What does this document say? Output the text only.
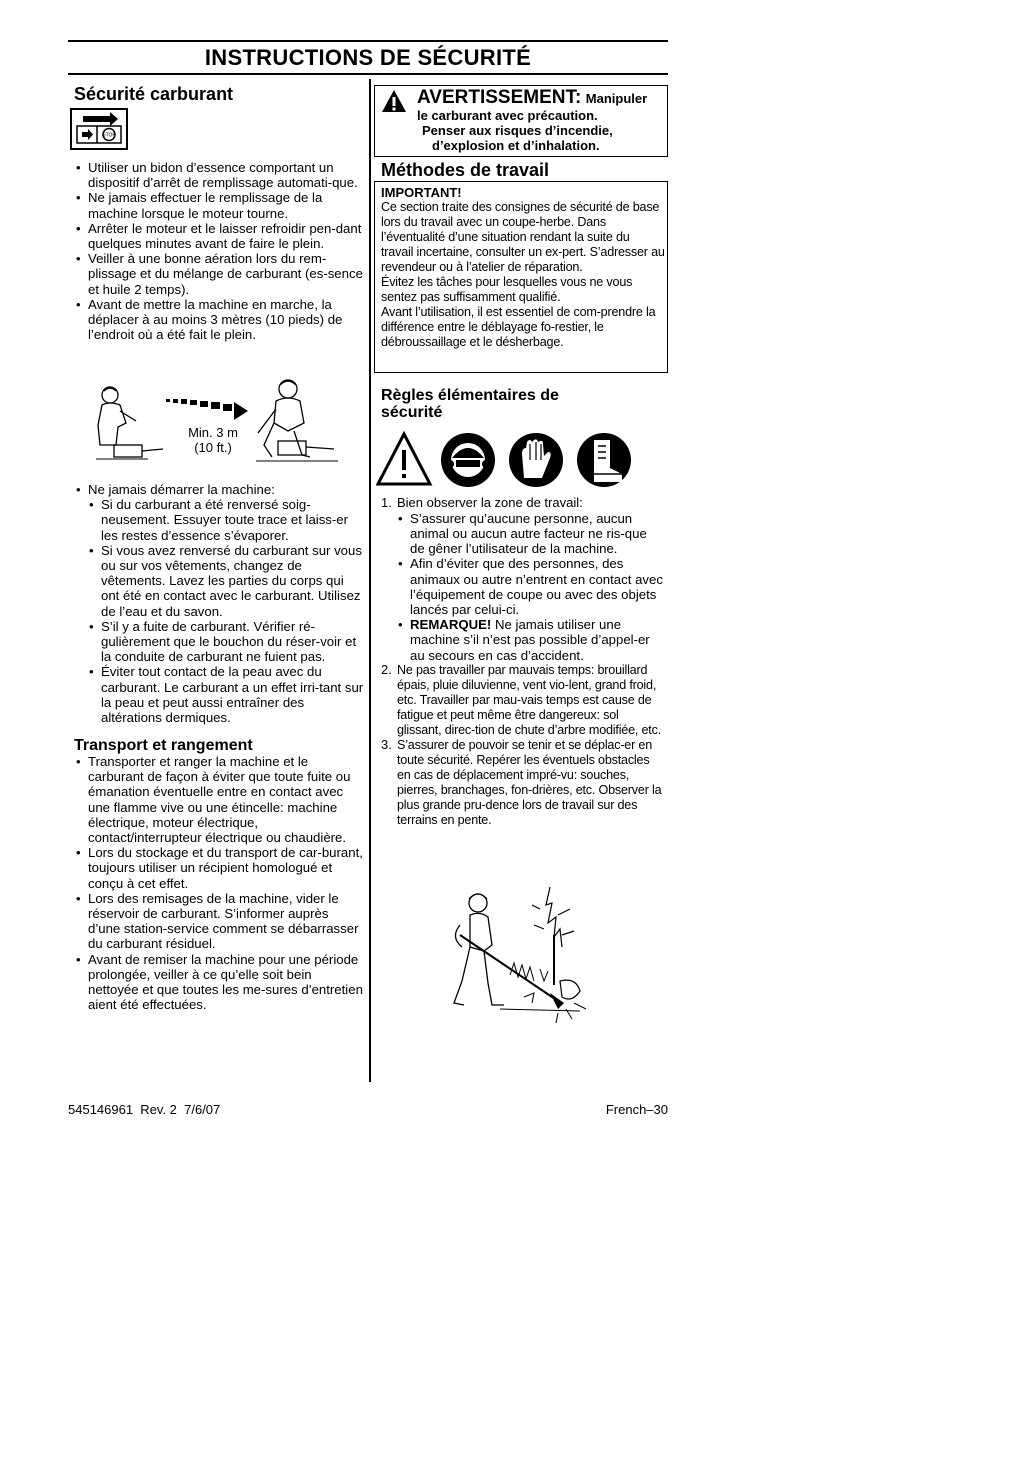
INSTRUCTIONS DE SÉCURITÉ
Sécurité carburant
STOP
• Utiliser un bidon d’essence comportant un dispositif d’arrêt de remplissage automati-que.
• Ne jamais effectuer le remplissage de la machine lorsque le moteur tourne.
• Arrêter le moteur et le laisser refroidir pen-dant quelques minutes avant de faire le plein.
• Veiller à une bonne aération lors du rem-plissage et du mélange de carburant (es-sence et huile 2 temps).
• Avant de mettre la machine en marche, la déplacer à au moins 3 mètres (10 pieds) de l’endroit où a été fait le plein.
Min. 3 m
(10 ft.)
• Ne jamais démarrer la machine:
• Si du carburant a été renversé soig-neusement. Essuyer toute trace et laiss-er les restes d’essence s’évaporer.
• Si vous avez renversé du carburant sur vous ou sur vos vêtements, changez de vêtements. Lavez les parties du corps qui ont été en contact avec le carburant. Utilisez de l’eau et du savon.
• S’il y a fuite de carburant. Vérifier ré-gulièrement que le bouchon du réser-voir et la conduite de carburant ne fuient pas.
• Éviter tout contact de la peau avec du carburant. Le carburant a un effet irri-tant sur la peau et peut aussi entraîner des altérations dermiques.
Transport et rangement
• Transporter et ranger la machine et le carburant de façon à éviter que toute fuite ou émanation éventuelle entre en contact avec une flamme vive ou une étincelle: machine électrique, moteur électrique, contact/interrupteur électrique ou chaudière.
• Lors du stockage et du transport de car-burant, toujours utiliser un récipient homologué et conçu à cet effet.
• Lors des remisages de la machine, vider le réservoir de carburant. S’informer auprès d’une station-service comment se débarrasser du carburant résiduel.
• Avant de remiser la machine pour une période prolongée, veiller à ce qu’elle soit bein nettoyée et que toutes les me-sures d’entretien aient été effectuées.
AVERTISSEMENT: Manipuler
le carburant avec précaution.
Penser aux risques d’incendie,
d’explosion et d’inhalation.
Méthodes de travail
IMPORTANT!
Ce section traite des consignes de sécurité de base lors du travail avec un coupe-herbe. Dans l’éventualité d’une situation rendant la suite du travail incertaine, consulter un ex-pert. S’adresser au revendeur ou à l’atelier de réparation.
Évitez les tâches pour lesquelles vous ne vous sentez pas suffisamment qualifié.
Avant l’utilisation, il est essentiel de com-prendre la différence entre le déblayage fo-restier, le débroussaillage et le désherbage.
Règles élémentaires de
sécurité
1. Bien observer la zone de travail:
• S’assurer qu’aucune personne, aucun animal ou aucun autre facteur ne ris-que de gêner l’utilisateur de la machine.
• Afin d’éviter que des personnes, des animaux ou autre n’entrent en contact avec l’équipement de coupe ou avec des objets lancés par celui-ci.
• REMARQUE! Ne jamais utiliser une machine s’il n’est pas possible d’appel-er au secours en cas d’accident.
2. Ne pas travailler par mauvais temps: brouillard épais, pluie diluvienne, vent vio-lent, grand froid, etc. Travailler par mau-vais temps est cause de fatigue et peut même être dangereux: sol glissant, direc-tion de chute d’arbre modifiée, etc.
3. S’assurer de pouvoir se tenir et se déplac-er en toute sécurité. Repérer les éventuels obstacles en cas de déplacement impré-vu: souches, pierres, branchages, fon-drières, etc. Observer la plus grande pru-dence lors de travail sur des terrains en pente.
545146961  Rev. 2  7/6/07	French–30
